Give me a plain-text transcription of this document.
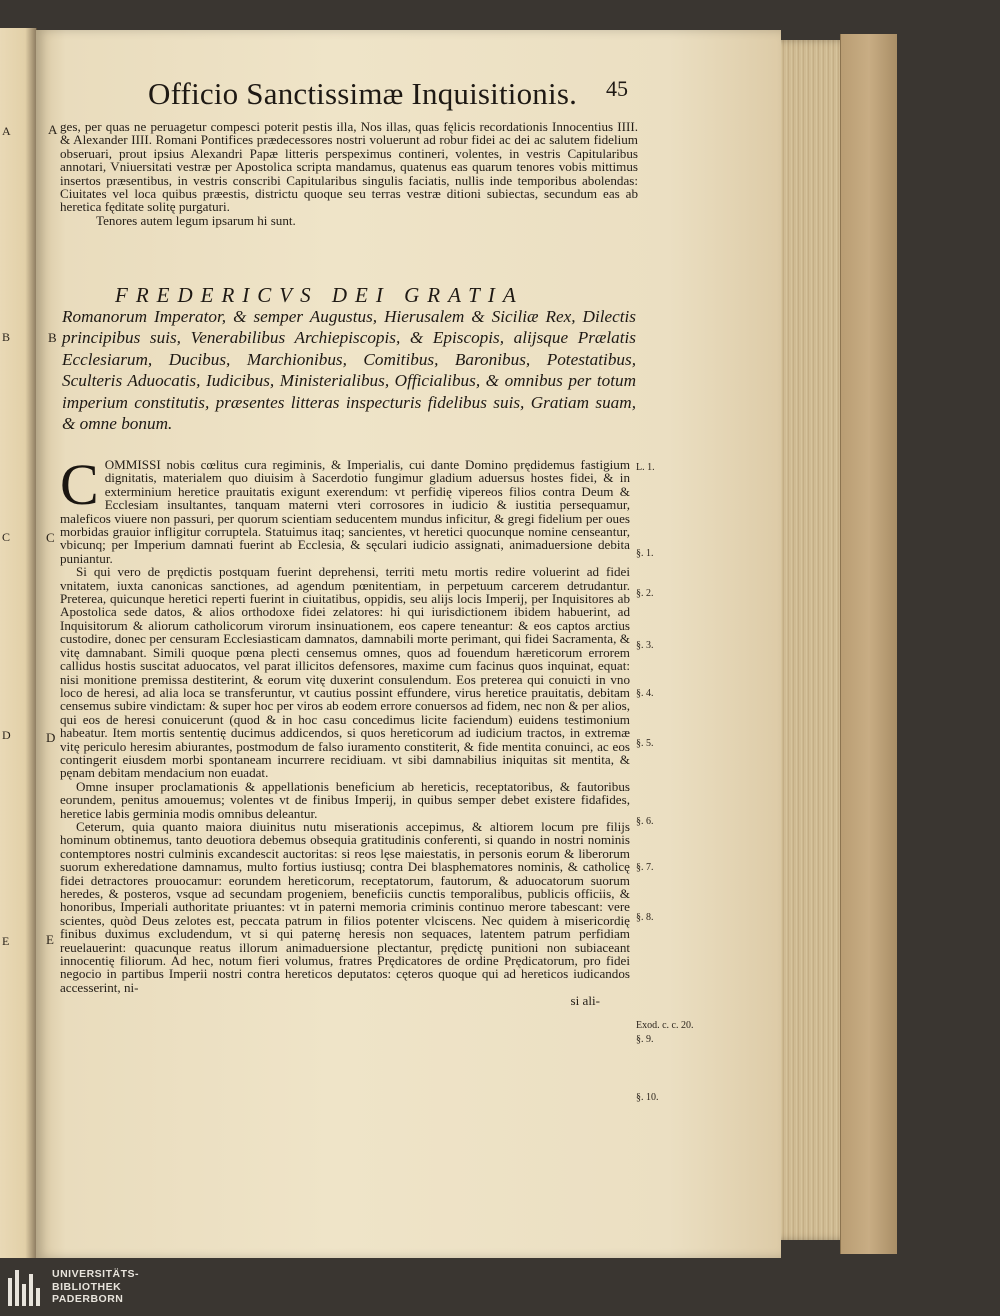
A
B
C
D
E
Officio Sanctissimæ Inquisitionis. 45

ges, per quas ne peruagetur compesci poterit pestis illa, Nos illas, quas fęlicis recordationis Innocentius IIII. & Alexander IIII. Romani Pontifices prædecessores nostri voluerunt ad robur fidei ac dei ac salutem fidelium obseruari, prout ipsius Alexandri Papæ litteris perspeximus contineri, volentes, in vestris Capitularibus annotari, Vniuersitati vestræ per Apostolica scripta mandamus, quatenus eas quarum tenores vobis mittimus insertos præsentibus, in vestris conscribi Capitularibus singulis faciatis, nullis inde temporibus abolendas: Ciuitates vel loca quibus præestis, districtu quoque seu terras vestræ ditioni subiectas, secundum eas ab heretica fęditate solitę purgaturi.

Tenores autem legum ipsarum hi sunt.

FREDERICVS DEI GRATIA
Romanorum Imperator, & semper Augustus, Hierusalem & Siciliæ Rex, Dilectis principibus suis, Venerabilibus Archiepiscopis, & Episcopis, alijsque Prælatis Ecclesiarum, Ducibus, Marchionibus, Comitibus, Baronibus, Potestatibus, Sculteris Aduocatis, Iudicibus, Ministerialibus, Officialibus, & omnibus per totum imperium constitutis, præsentes litteras inspecturis fidelibus suis, Gratiam suam, & omne bonum.
C OMMISSI nobis cœlitus cura regiminis, & Imperialis, cui dante Domino prędidemus fastigium dignitatis, materialem quo diuisim à Sacerdotio fungimur gladium aduersus hostes fidei, & in exterminium heretice prauitatis exigunt exerendum: vt perfidię vipereos filios contra Deum & Ecclesiam insultantes, tanquam materni vteri corrosores in iudicio & iustitia persequamur, maleficos viuere non passuri, per quorum scientiam seducentem mundus inficitur, & gregi fidelium per oues morbidas grauior infligitur corruptela. Statuimus itaq; sancientes, vt heretici quocunque nomine censeantur, vbicunq; per Imperium damnati fuerint ab Ecclesia, & sęculari iudicio assignati, animaduersione debita puniantur.

Si qui vero de prędictis postquam fuerint deprehensi, territi metu mortis redire voluerint ad fidei vnitatem, iuxta canonicas sanctiones, ad agendum pœnitentiam, in perpetuum carcerem detrudantur. Preterea, quicunque heretici reperti fuerint in ciuitatibus, oppidis, seu alijs locis Imperij, per Inquisitores ab Apostolica sede datos, & alios orthodoxe fidei zelatores: hi qui iurisdictionem ibidem habuerint, ad Inquisitorum & aliorum catholicorum virorum insinuationem, eos capere teneantur: & eos captos arctius custodire, donec per censuram Ecclesiasticam damnatos, damnabili morte perimant, qui fidei Sacramenta, & vitę damnabant. Simili quoque pœna plecti censemus omnes, quos ad fouendum hæreticorum errorem callidus hostis suscitat aduocatos, vel parat illicitos defensores, maxime cum facinus quos inquinat, equat: nisi monitione premissa destiterint, & eorum vitę duxerint consulendum. Eos preterea qui conuicti in vno loco de heresi, ad alia loca se transferuntur, vt cautius possint effundere, virus heretice prauitatis, debitam censemus subire vindictam: & super hoc per viros ab eodem errore conuersos ad fidem, nec non & per alios, qui eos de heresi conuicerunt (quod & in hoc casu concedimus licite faciendum) euidens testimonium habeatur. Item mortis sententię ducimus addicendos, si quos hereticorum ad iudicium tractos, in extremæ vitę periculo heresim abiurantes, postmodum de falso iuramento constiterit, & fide mentita conuinci, ac eos contingerit eiusdem morbi spontaneam incurrere recidiuam. vt sibi damnabilius iniquitas sit mentita, & pęnam debitam mendacium non euadat.

Omne insuper proclamationis & appellationis beneficium ab hereticis, receptatoribus, & fautoribus eorundem, penitus amouemus; volentes vt de finibus Imperij, in quibus semper debet existere fidafides, heretice labis germinia modis omnibus deleantur.

Ceterum, quia quanto maiora diuinitus nutu miserationis accepimus, & altiorem locum pre filijs hominum obtinemus, tanto deuotiora debemus obsequia gratitudinis conferenti, si quando in nostri nominis contemptores nostri culminis excandescit auctoritas: si reos lęse maiestatis, in personis eorum & liberorum suorum exheredatione damnamus, multo fortius iustiusq; contra Dei blasphematores nominis, & catholicę fidei detractores prouocamur: eorundem hereticorum, receptatorum, fautorum, & aduocatorum suorum heredes, & posteros, vsque ad secundam progeniem, beneficiis cunctis temporalibus, publicis officiis, & honoribus, Imperiali authoritate priuantes: vt in paterni memoria criminis continuo merore tabescant: vere scientes, quòd Deus zelotes est, peccata patrum in filios potenter vlciscens. Nec quidem à misericordię finibus duximus excludendum, vt si qui paternę heresis non sequaces, latentem patrum perfidiam reuelauerint: quacunque reatus illorum animaduersione plectantur, prędictę punitioni non subiaceant innocentię filiorum. Ad hec, notum fieri volumus, fratres Prędicatores de ordine Prędicatorum, pro fidei negocio in partibus Imperii nostri contra hereticos deputatos: cęteros quoque qui ad hereticos iudicandos accesserint, ni-

si ali-

A
B
C
D
E
L. 1.
§. 1.
§. 2.
§. 3.
§. 4.
§. 5.
§. 6.
§. 7.
§. 8.
Exod. c. c. 20.
§. 9.
§. 10.
UNIVERSITÄTS-
BIBLIOTHEK
PADERBORN
